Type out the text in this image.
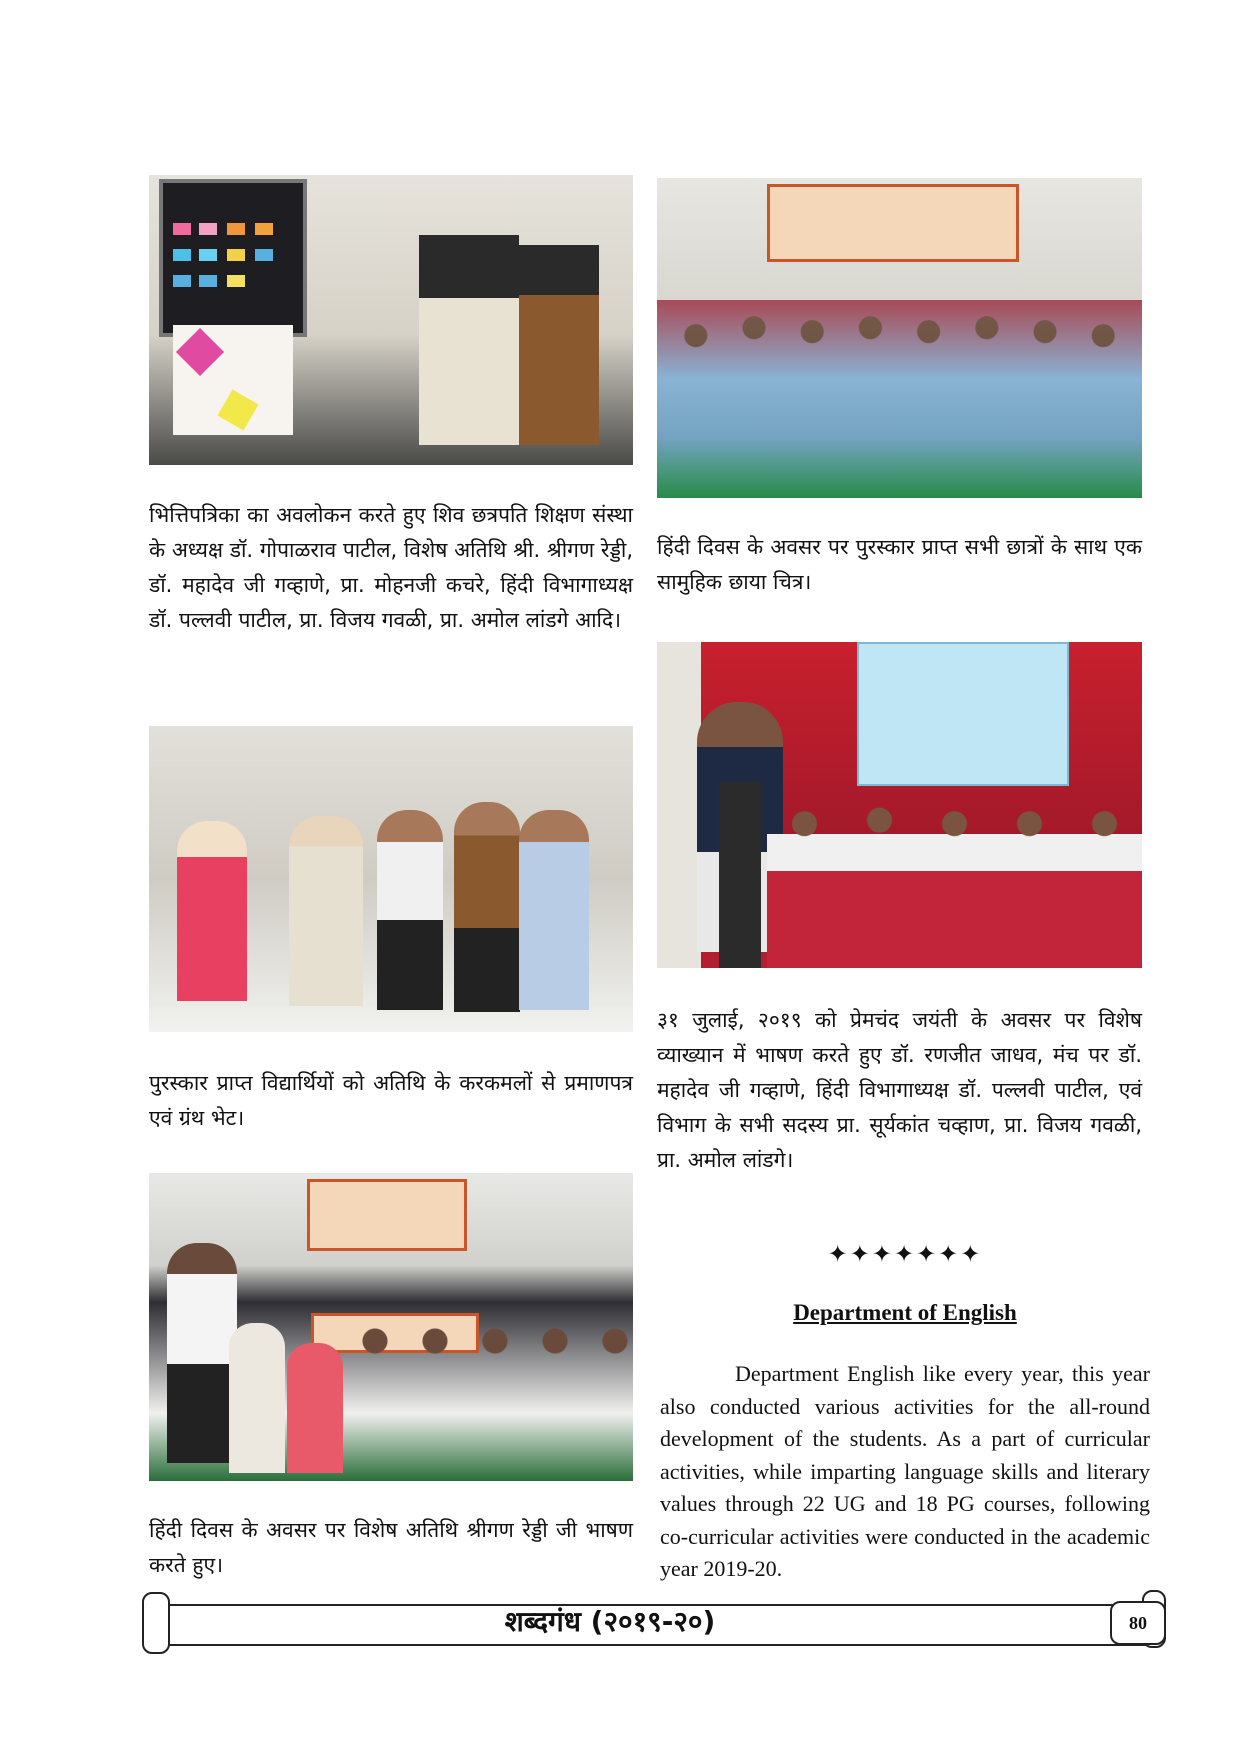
भित्तिपत्रिका का अवलोकन करते हुए शिव छत्रपति शिक्षण संस्था के अध्यक्ष डॉ. गोपाळराव पाटील, विशेष अतिथि श्री. श्रीगण रेड्डी, डॉ. महादेव जी गव्हाणे, प्रा. मोहनजी कचरे, हिंदी विभागाध्यक्ष डॉ. पल्लवी पाटील, प्रा. विजय गवळी, प्रा. अमोल लांडगे आदि।

हिंदी दिवस के अवसर पर पुरस्कार प्राप्त सभी छात्रों के साथ एक सामुहिक छाया चित्र।

पुरस्कार प्राप्त विद्यार्थियों को अतिथि के करकमलों से प्रमाणपत्र एवं ग्रंथ भेट।

३१ जुलाई, २०१९ को प्रेमचंद जयंती के अवसर पर विशेष व्याख्यान में भाषण करते हुए डॉ. रणजीत जाधव, मंच पर डॉ. महादेव जी गव्हाणे, हिंदी विभागाध्यक्ष डॉ. पल्लवी पाटील, एवं विभाग के सभी सदस्य प्रा. सूर्यकांत चव्हाण, प्रा. विजय गवळी, प्रा. अमोल लांडगे।

हिंदी दिवस के अवसर पर विशेष अतिथि श्रीगण रेड्डी जी भाषण करते हुए।

✦✦✦✦✦✦✦
Department of English

Department English like every year, this year also conducted various activities for the all-round development of the students. As a part of curricular activities, while imparting language skills and literary values through 22 UG and 18 PG courses, following co-curricular activities were conducted in the academic year 2019-20.

शब्दगंध (२०१९-२०)	80
